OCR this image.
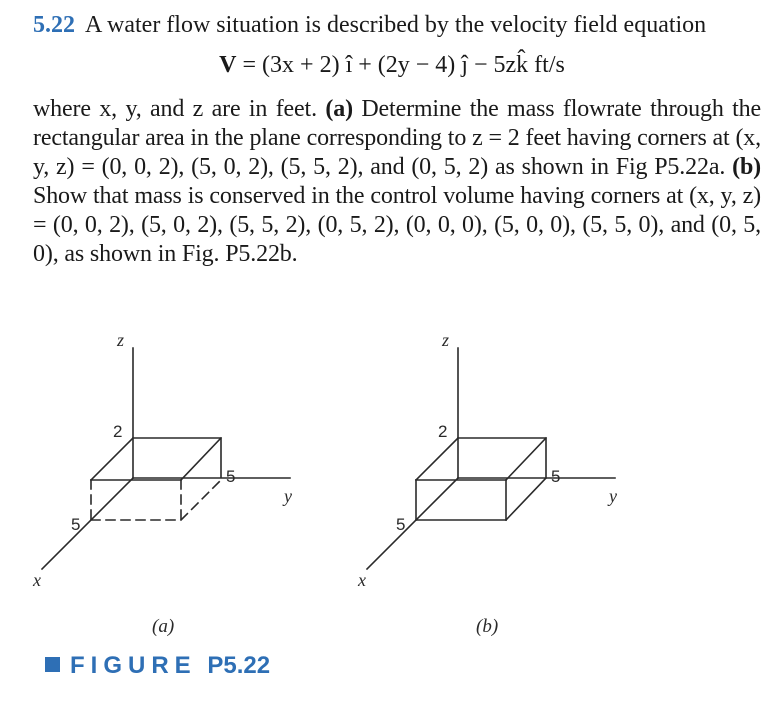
5.22 A water flow situation is described by the velocity field equation
V = (3x + 2) î + (2y − 4) ĵ − 5zk̂ ft/s
where x, y, and z are in feet. (a) Determine the mass flowrate through the rectangular area in the plane corresponding to z = 2 feet having corners at (x, y, z) = (0, 0, 2), (5, 0, 2), (5, 5, 2), and (0, 5, 2) as shown in Fig P5.22a. (b) Show that mass is conserved in the control volume having corners at (x, y, z) = (0, 0, 2), (5, 0, 2), (5, 5, 2), (0, 5, 2), (0, 0, 0), (5, 0, 0), (5, 5, 0), and (0, 5, 0), as shown in Fig. P5.22b.
z
y
x
2
5
5
(a)
z
y
x
2
5
5
(b)
FIGURE P5.22
